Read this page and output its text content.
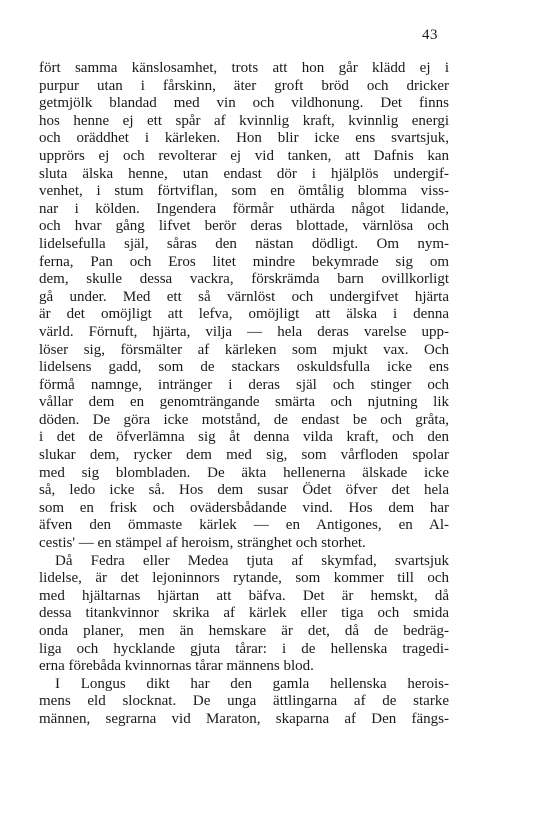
43
fört samma känslosamhet, trots att hon går klädd ej i
purpur utan i fårskinn, äter groft bröd och dricker
getmjölk blandad med vin och vildhonung. Det finns
hos henne ej ett spår af kvinnlig kraft, kvinnlig energi
och oräddhet i kärleken. Hon blir icke ens svartsjuk,
upprörs ej och revolterar ej vid tanken, att Dafnis kan
sluta älska henne, utan endast dör i hjälplös undergif-
venhet, i stum förtviflan, som en ömtålig blomma viss-
nar i kölden. Ingendera förmår uthärda något lidande,
och hvar gång lifvet berör deras blottade, värnlösa och
lidelsefulla själ, såras den nästan dödligt. Om nym-
ferna, Pan och Eros litet mindre bekymrade sig om
dem, skulle dessa vackra, förskrämda barn ovillkorligt
gå under. Med ett så värnlöst och undergifvet hjärta
är det omöjligt att lefva, omöjligt att älska i denna
värld. Förnuft, hjärta, vilja — hela deras varelse upp-
löser sig, försmälter af kärleken som mjukt vax. Och
lidelsens gadd, som de stackars oskuldsfulla icke ens
förmå namnge, intränger i deras själ och stinger och
vållar dem en genomträngande smärta och njutning lik
döden. De göra icke motstånd, de endast be och gråta,
i det de öfverlämna sig åt denna vilda kraft, och den
slukar dem, rycker dem med sig, som vårfloden spolar
med sig blombladen. De äkta hellenerna älskade icke
så, ledo icke så. Hos dem susar Ödet öfver det hela
som en frisk och ovädersbådande vind. Hos dem har
äfven den ömmaste kärlek — en Antigones, en Al-
cestis' — en stämpel af heroism, stränghet och storhet.
Då Fedra eller Medea tjuta af skymfad, svartsjuk
lidelse, är det lejoninnors rytande, som kommer till och
med hjältarnas hjärtan att bäfva. Det är hemskt, då
dessa titankvinnor skrika af kärlek eller tiga och smida
onda planer, men än hemskare är det, då de bedräg-
liga och hycklande gjuta tårar: i de hellenska tragedi-
erna förebåda kvinnornas tårar männens blod.
I Longus dikt har den gamla hellenska herois-
mens eld slocknat. De unga ättlingarna af de starke
männen, segrarna vid Maraton, skaparna af Den fängs-
